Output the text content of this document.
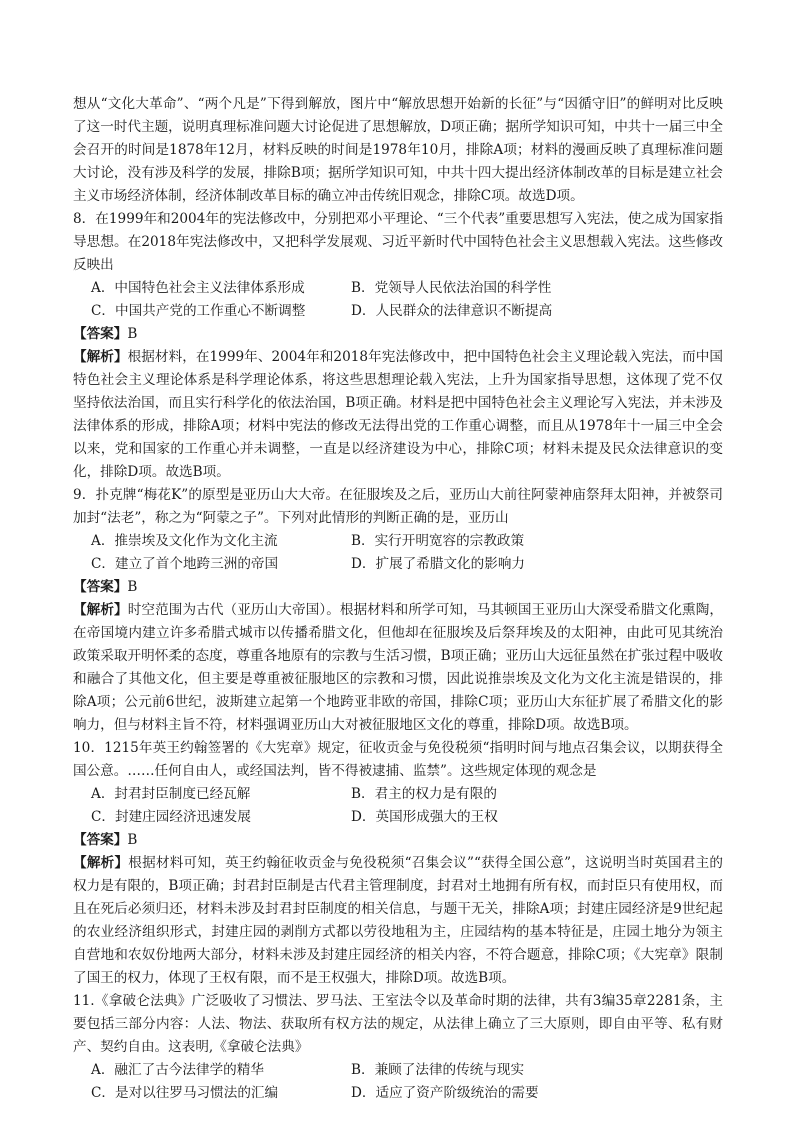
想从“文化大革命”、“两个凡是”下得到解放，图片中“解放思想开始新的长征”与“因循守旧”的鲜明对比反映了这一时代主题，说明真理标准问题大讨论促进了思想解放，D项正确；据所学知识可知，中共十一届三中全会召开的时间是1878年12月，材料反映的时间是1978年10月，排除A项；材料的漫画反映了真理标准问题大讨论，没有涉及科学的发展，排除B项；据所学知识可知，中共十四大提出经济体制改革的目标是建立社会主义市场经济体制，经济体制改革目标的确立冲击传统旧观念，排除C项。故选D项。

8．在1999年和2004年的宪法修改中，分别把邓小平理论、“三个代表”重要思想写入宪法，使之成为国家指导思想。在2018年宪法修改中，又把科学发展观、习近平新时代中国特色社会主义思想载入宪法。这些修改反映出

A．中国特色社会主义法律体系形成	B．党领导人民依法治国的科学性
C．中国共产党的工作重心不断调整	D．人民群众的法律意识不断提高

【答案】B

【解析】根据材料，在1999年、2004年和2018年宪法修改中，把中国特色社会主义理论载入宪法，而中国特色社会主义理论体系是科学理论体系，将这些思想理论载入宪法，上升为国家指导思想，这体现了党不仅坚持依法治国，而且实行科学化的依法治国，B项正确。材料是把中国特色社会主义理论写入宪法，并未涉及法律体系的形成，排除A项；材料中宪法的修改无法得出党的工作重心调整，而且从1978年十一届三中全会以来，党和国家的工作重心并未调整，一直是以经济建设为中心，排除C项；材料未提及民众法律意识的变化，排除D项。故选B项。

9．扑克牌“梅花K”的原型是亚历山大大帝。在征服埃及之后，亚历山大前往阿蒙神庙祭拜太阳神，并被祭司加封“法老”，称之为“阿蒙之子”。下列对此情形的判断正确的是，亚历山

A．推崇埃及文化作为文化主流	B．实行开明宽容的宗教政策
C．建立了首个地跨三洲的帝国	D．扩展了希腊文化的影响力

【答案】B

【解析】时空范围为古代（亚历山大帝国）。根据材料和所学可知，马其顿国王亚历山大深受希腊文化熏陶，在帝国境内建立许多希腊式城市以传播希腊文化，但他却在征服埃及后祭拜埃及的太阳神，由此可见其统治政策采取开明怀柔的态度，尊重各地原有的宗教与生活习惯，B项正确；亚历山大远征虽然在扩张过程中吸收和融合了其他文化，但主要是尊重被征服地区的宗教和习惯，因此说推崇埃及文化为文化主流是错误的，排除A项；公元前6世纪，波斯建立起第一个地跨亚非欧的帝国，排除C项；亚历山大东征扩展了希腊文化的影响力，但与材料主旨不符，材料强调亚历山大对被征服地区文化的尊重，排除D项。故选B项。

10．1215年英王约翰签署的《大宪章》规定，征收贡金与免役税须“指明时间与地点召集会议，以期获得全国公意。……任何自由人，或经国法判，皆不得被逮捕、监禁”。这些规定体现的观念是

A．封君封臣制度已经瓦解	B．君主的权力是有限的
C．封建庄园经济迅速发展	D．英国形成强大的王权

【答案】B

【解析】根据材料可知，英王约翰征收贡金与免役税须“召集会议”“获得全国公意”，这说明当时英国君主的权力是有限的，B项正确；封君封臣制是古代君主管理制度，封君对土地拥有所有权，而封臣只有使用权，而且在死后必须归还，材料未涉及封君封臣制度的相关信息，与题干无关，排除A项；封建庄园经济是9世纪起的农业经济组织形式，封建庄园的剥削方式都以劳役地租为主，庄园结构的基本特征是，庄园土地分为领主自营地和农奴份地两大部分，材料未涉及封建庄园经济的相关内容，不符合题意，排除C项；《大宪章》限制了国王的权力，体现了王权有限，而不是王权强大，排除D项。故选B项。

11.《拿破仑法典》广泛吸收了习惯法、罗马法、王室法令以及革命时期的法律，共有3编35章2281条，主要包括三部分内容：人法、物法、获取所有权方法的规定，从法律上确立了三大原则，即自由平等、私有财产、契约自由。这表明,《拿破仑法典》

A．融汇了古今法律学的精华	B．兼顾了法律的传统与现实
C．是对以往罗马习惯法的汇编	D．适应了资产阶级统治的需要
